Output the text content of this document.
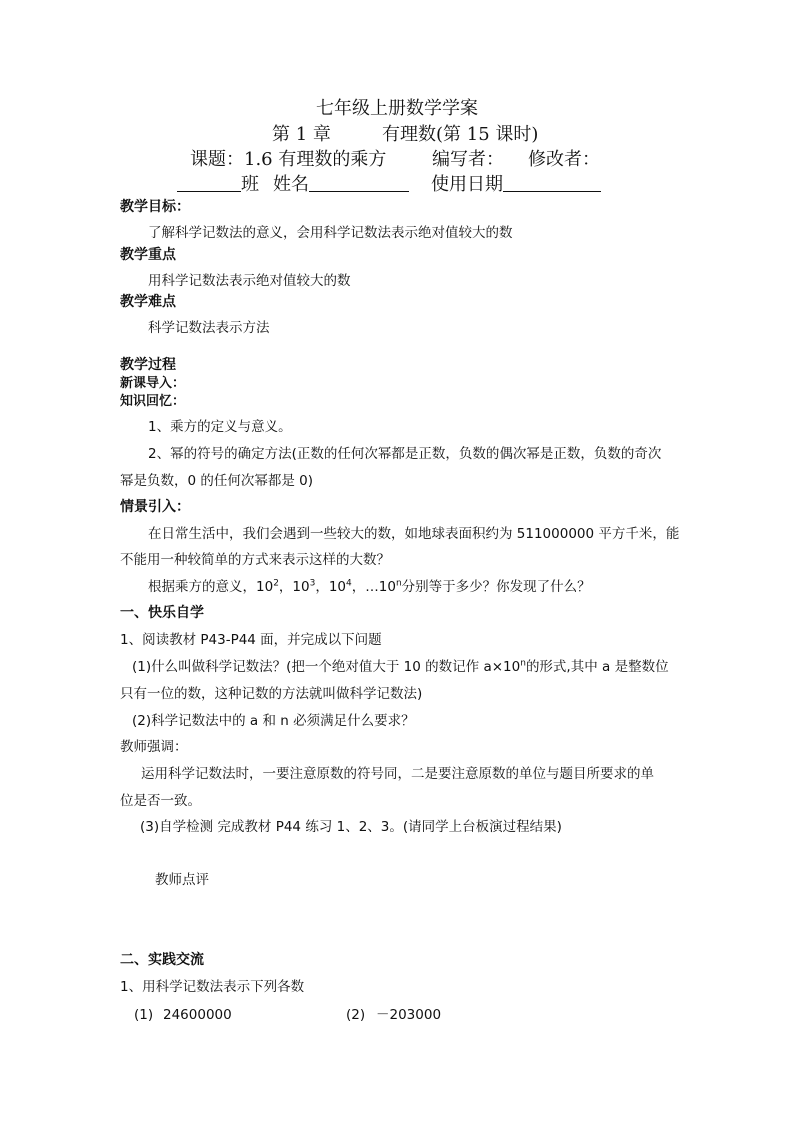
七年级上册数学学案
第 1 章	有理数(第 15 课时)
课题：1.6 有理数的乘方	编写者： 修改者：
班 姓名	使用日期
教学目标：
了解科学记数法的意义，会用科学记数法表示绝对值较大的数
教学重点
用科学记数法表示绝对值较大的数
教学难点
科学记数法表示方法
教学过程
新课导入：
知识回忆：
1、乘方的定义与意义。
2、幂的符号的确定方法(正数的任何次幂都是正数，负数的偶次幂是正数，负数的奇次
幂是负数，0 的任何次幂都是 0)
情景引入：
在日常生活中，我们会遇到一些较大的数，如地球表面积约为 511000000 平方千米，能
不能用一种较简单的方式来表示这样的大数？
根据乘方的意义，$10^2$，$10^3$，$10^4$，…10$^n$分别等于多少？你发现了什么？
一、快乐自学
1、阅读教材 P43-P44 面，并完成以下问题
(1)什么叫做科学记数法？(把一个绝对值大于 10 的数记作 $a\times 10^n$的形式,其中 a 是整数位
只有一位的数，这种记数的方法就叫做科学记数法)
(2)科学记数法中的 a 和 n 必须满足什么要求？
教师强调：
运用科学记数法时，一要注意原数的符号同，二是要注意原数的单位与题目所要求的单
位是否一致。
(3)自学检测 完成教材 P44 练习 1、2、3。(请同学上台板演过程结果)
教师点评
二、实践交流
1、用科学记数法表示下列各数
(1) 24600000	(2) －203000
